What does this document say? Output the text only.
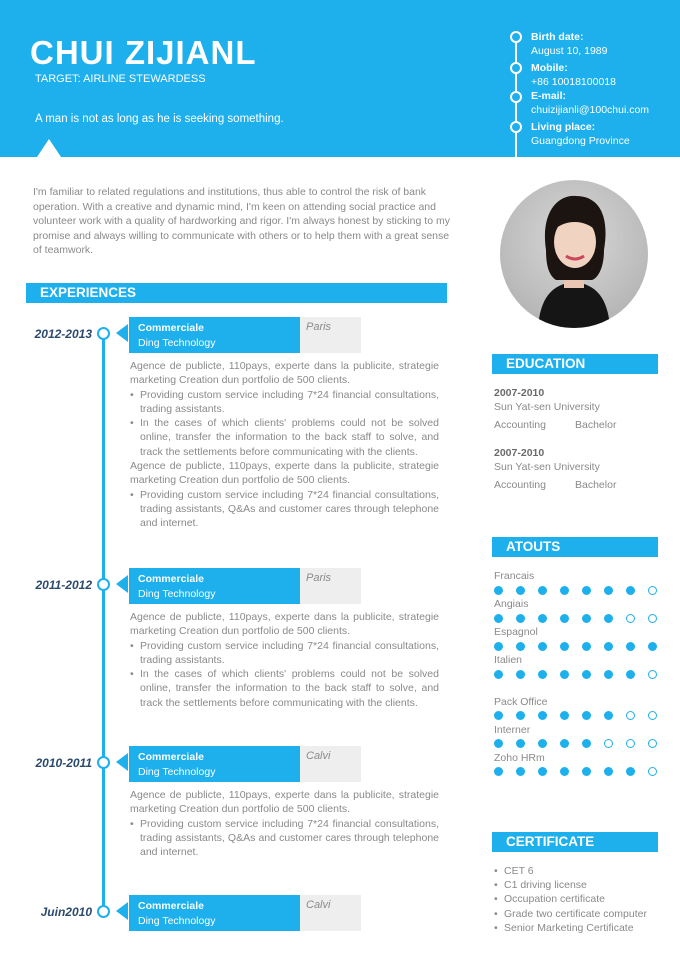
CHUI ZIJIANL
TARGET: AIRLINE STEWARDESS
A man is not as long as he is seeking something.
Birth date:
August 10, 1989
Mobile:
+86 10018100018
E-mail:
chuizijianli@100chui.com
Living place:
Guangdong Province
I'm familiar to related regulations and institutions, thus able to control the risk of bank operation. With a creative and dynamic mind, I'm keen on attending social practice and volunteer work with a quality of hardworking and rigor. I'm always honest by sticking to my promise and always willing to communicate with others or to help them with a great sense of teamwork.
EXPERIENCES
2012-2013	Commerciale
Ding Technology
Paris

Agence de publicte, 110pays, experte dans la publicite, strategie marketing Creation dun portfolio de 500 clients.

• Providing custom service including 7*24 financial consultations, trading assistants.
• In the cases of which clients' problems could not be solved online, transfer the information to the back staff to solve, and track the settlements before communicating with the clients.

Agence de publicte, 110pays, experte dans la publicite, strategie marketing Creation dun portfolio de 500 clients.

• Providing custom service including 7*24 financial consultations, trading assistants, Q&As and customer cares through telephone and internet.
2011-2012	Commerciale
Ding Technology
Paris

Agence de publicte, 110pays, experte dans la publicite, strategie marketing Creation dun portfolio de 500 clients.

• Providing custom service including 7*24 financial consultations, trading assistants.
• In the cases of which clients' problems could not be solved online, transfer the information to the back staff to solve, and track the settlements before communicating with the clients.
2010-2011	Commerciale
Ding Technology
Calvi

Agence de publicte, 110pays, experte dans la publicite, strategie marketing Creation dun portfolio de 500 clients.

• Providing custom service including 7*24 financial consultations, trading assistants, Q&As and customer cares through telephone and internet.
Juin2010	Commerciale
Ding Technology
Calvi
EDUCATION
2007-2010
Sun Yat-sen University
Accounting	Bachelor
2007-2010
Sun Yat-sen University
Accounting	Bachelor
ATOUTS
Francais
Angiais
Espagnol
Italien
Pack Office
Interner
Zoho HRm
CERTIFICATE
• CET 6
• C1 driving license
• Occupation certificate
• Grade two certificate computer
• Senior Marketing Certificate
